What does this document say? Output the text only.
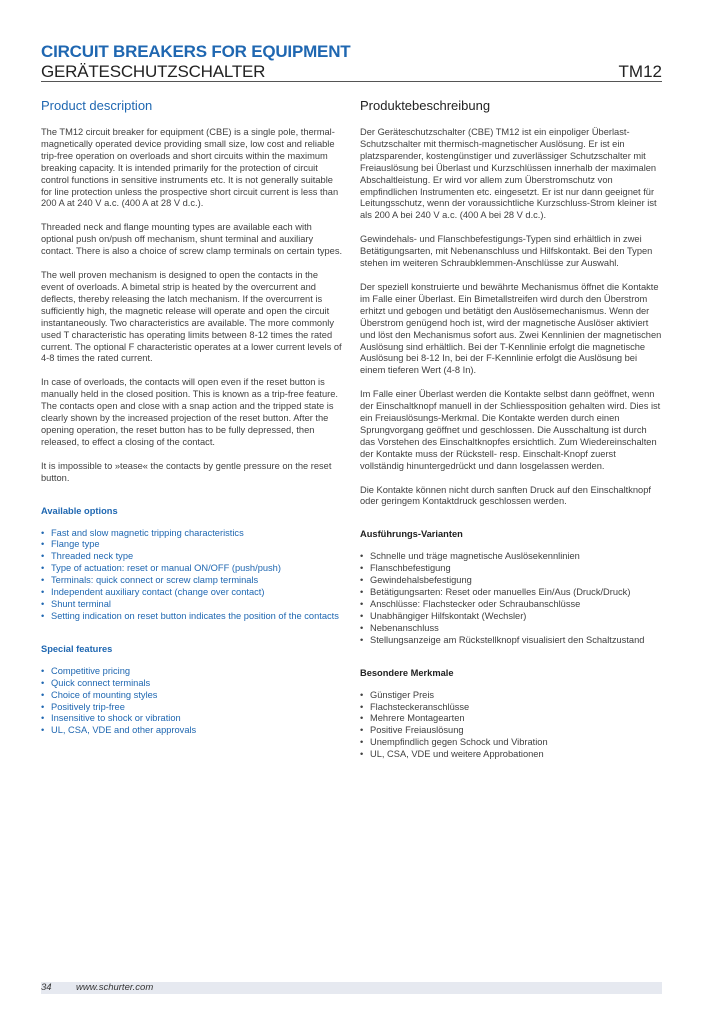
CIRCUIT BREAKERS FOR EQUIPMENT
GERÄTESCHUTZSCHALTER	TM12
Product description

The TM12 circuit breaker for equipment (CBE) is a single pole, thermal-magnetically operated device providing small size, low cost and reliable trip-free operation on overloads and short circuits within the maximum breaking capacity. It is intended primarily for the protection of circuit control functions in sensitive instruments etc. It is not generally suitable for line protection unless the prospective short circuit current is less than 200 A at 240 V a.c. (400 A at 28 V d.c.).

Threaded neck and flange mounting types are available each with optional push on/push off mechanism, shunt terminal and auxiliary contact. There is also a choice of screw clamp terminals on certain types.

The well proven mechanism is designed to open the contacts in the event of overloads. A bimetal strip is heated by the overcurrent and deflects, thereby releasing the latch mechanism. If the overcurrent is sufficiently high, the magnetic release will operate and open the circuit instantaneously. Two characteristics are available. The more commonly used T characteristic has operating limits between 8-12 times the rated current. The optional F characteristic operates at a lower current levels of 4-8 times the rated current.

In case of overloads, the contacts will open even if the reset button is manually held in the closed position. This is known as a trip-free feature. The contacts open and close with a snap action and the tripped state is clearly shown by the increased projection of the reset button. After the opening operation, the reset button has to be fully depressed, then released, to effect a closing of the contact.

It is impossible to »tease« the contacts by gentle pressure on the reset button.

Available options
• Fast and slow magnetic tripping characteristics
• Flange type
• Threaded neck type
• Type of actuation: reset or manual ON/OFF (push/push)
• Terminals: quick connect or screw clamp terminals
• Independent auxiliary contact (change over contact)
• Shunt terminal
• Setting indication on reset button indicates the position of the contacts
Special features
• Competitive pricing
• Quick connect terminals
• Choice of mounting styles
• Positively trip-free
• Insensitive to shock or vibration
• UL, CSA, VDE and other approvals
Produktebeschreibung

Der Geräteschutzschalter (CBE) TM12 ist ein einpoliger Überlast-Schutzschalter mit thermisch-magnetischer Auslösung. Er ist ein platzsparender, kostengünstiger und zuverlässiger Schutzschalter mit Freiauslösung bei Überlast und Kurzschlüssen innerhalb der maximalen Abschaltleistung. Er wird vor allem zum Überstromschutz von empfindlichen Instrumenten etc. eingesetzt. Er ist nur dann geeignet für Leitungsschutz, wenn der voraussichtliche Kurzschluss-Strom kleiner ist als 200 A bei 240 V a.c. (400 A bei 28 V d.c.).

Gewindehals- und Flanschbefestigungs-Typen sind erhältlich in zwei Betätigungsarten, mit Nebenanschluss und Hilfskontakt. Bei den Typen stehen im weiteren Schraubklemmen-Anschlüsse zur Auswahl.

Der speziell konstruierte und bewährte Mechanismus öffnet die Kontakte im Falle einer Überlast. Ein Bimetallstreifen wird durch den Überstrom erhitzt und gebogen und betätigt den Auslösemechanismus. Wenn der Überstrom genügend hoch ist, wird der magnetische Auslöser aktiviert und löst den Mechanismus sofort aus. Zwei Kennlinien der magnetischen Auslösung sind erhältlich. Bei der T-Kennlinie erfolgt die magnetische Auslösung bei 8-12 In, bei der F-Kennlinie erfolgt die Auslösung bei einem tieferen Wert (4-8 In).

Im Falle einer Überlast werden die Kontakte selbst dann geöffnet, wenn der Einschaltknopf manuell in der Schliessposition gehalten wird. Dies ist ein Freiauslösungs-Merkmal. Die Kontakte werden durch einen Sprungvorgang geöffnet und geschlossen. Die Ausschaltung ist durch das Vorstehen des Einschaltknopfes ersichtlich. Zum Wiedereinschalten der Kontakte muss der Rückstell- resp. Einschalt-Knopf zuerst vollständig hinuntergedrückt und dann losgelassen werden.

Die Kontakte können nicht durch sanften Druck auf den Einschaltknopf oder geringem Kontaktdruck geschlossen werden.

Ausführungs-Varianten
• Schnelle und träge magnetische Auslösekennlinien
• Flanschbefestigung
• Gewindehalsbefestigung
• Betätigungsarten: Reset oder manuelles Ein/Aus (Druck/Druck)
• Anschlüsse: Flachstecker oder Schraubanschlüsse
• Unabhängiger Hilfskontakt (Wechsler)
• Nebenanschluss
• Stellungsanzeige am Rückstellknopf visualisiert den Schaltzustand
Besondere Merkmale
• Günstiger Preis
• Flachsteckeranschlüsse
• Mehrere Montagearten
• Positive Freiauslösung
• Unempfindlich gegen Schock und Vibration
• UL, CSA, VDE und weitere Approbationen
34	www.schurter.com
